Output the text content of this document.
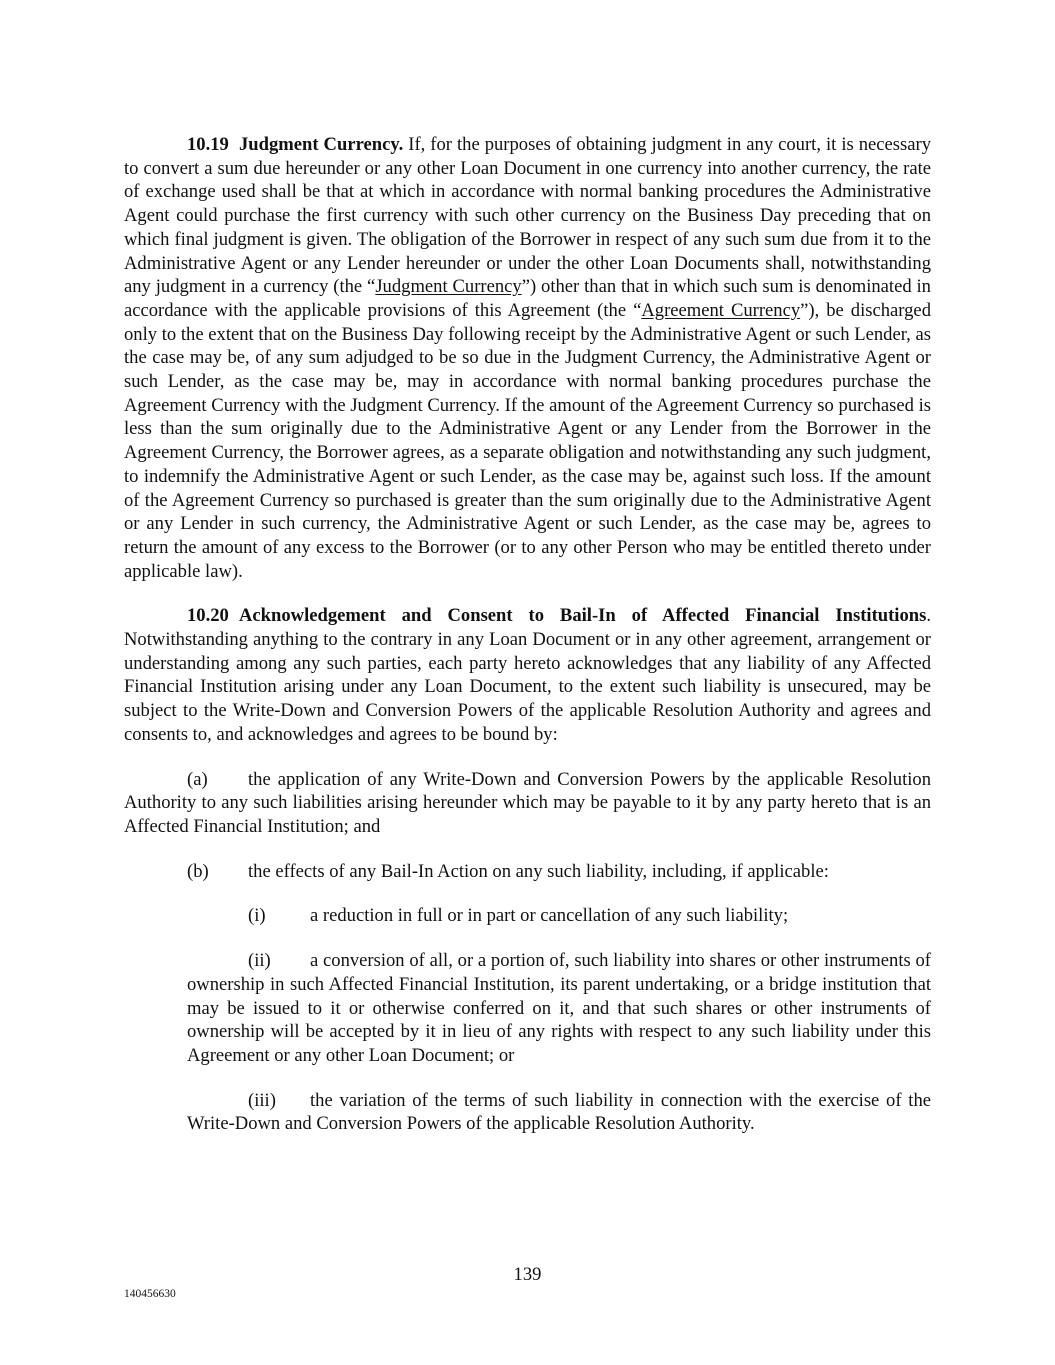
10.19 Judgment Currency. If, for the purposes of obtaining judgment in any court, it is necessary to convert a sum due hereunder or any other Loan Document in one currency into another currency, the rate of exchange used shall be that at which in accordance with normal banking procedures the Administrative Agent could purchase the first currency with such other currency on the Business Day preceding that on which final judgment is given. The obligation of the Borrower in respect of any such sum due from it to the Administrative Agent or any Lender hereunder or under the other Loan Documents shall, notwithstanding any judgment in a currency (the “Judgment Currency”) other than that in which such sum is denominated in accordance with the applicable provisions of this Agreement (the “Agreement Currency”), be discharged only to the extent that on the Business Day following receipt by the Administrative Agent or such Lender, as the case may be, of any sum adjudged to be so due in the Judgment Currency, the Administrative Agent or such Lender, as the case may be, may in accordance with normal banking procedures purchase the Agreement Currency with the Judgment Currency. If the amount of the Agreement Currency so purchased is less than the sum originally due to the Administrative Agent or any Lender from the Borrower in the Agreement Currency, the Borrower agrees, as a separate obligation and notwithstanding any such judgment, to indemnify the Administrative Agent or such Lender, as the case may be, against such loss. If the amount of the Agreement Currency so purchased is greater than the sum originally due to the Administrative Agent or any Lender in such currency, the Administrative Agent or such Lender, as the case may be, agrees to return the amount of any excess to the Borrower (or to any other Person who may be entitled thereto under applicable law).

10.20 Acknowledgement and Consent to Bail-In of Affected Financial Institutions. Notwithstanding anything to the contrary in any Loan Document or in any other agreement, arrangement or understanding among any such parties, each party hereto acknowledges that any liability of any Affected Financial Institution arising under any Loan Document, to the extent such liability is unsecured, may be subject to the Write-Down and Conversion Powers of the applicable Resolution Authority and agrees and consents to, and acknowledges and agrees to be bound by:

(a) the application of any Write-Down and Conversion Powers by the applicable Resolution Authority to any such liabilities arising hereunder which may be payable to it by any party hereto that is an Affected Financial Institution; and

(b) the effects of any Bail-In Action on any such liability, including, if applicable:

(i) a reduction in full or in part or cancellation of any such liability;

(ii) a conversion of all, or a portion of, such liability into shares or other instruments of ownership in such Affected Financial Institution, its parent undertaking, or a bridge institution that may be issued to it or otherwise conferred on it, and that such shares or other instruments of ownership will be accepted by it in lieu of any rights with respect to any such liability under this Agreement or any other Loan Document; or

(iii) the variation of the terms of such liability in connection with the exercise of the Write-Down and Conversion Powers of the applicable Resolution Authority.

139
140456630
